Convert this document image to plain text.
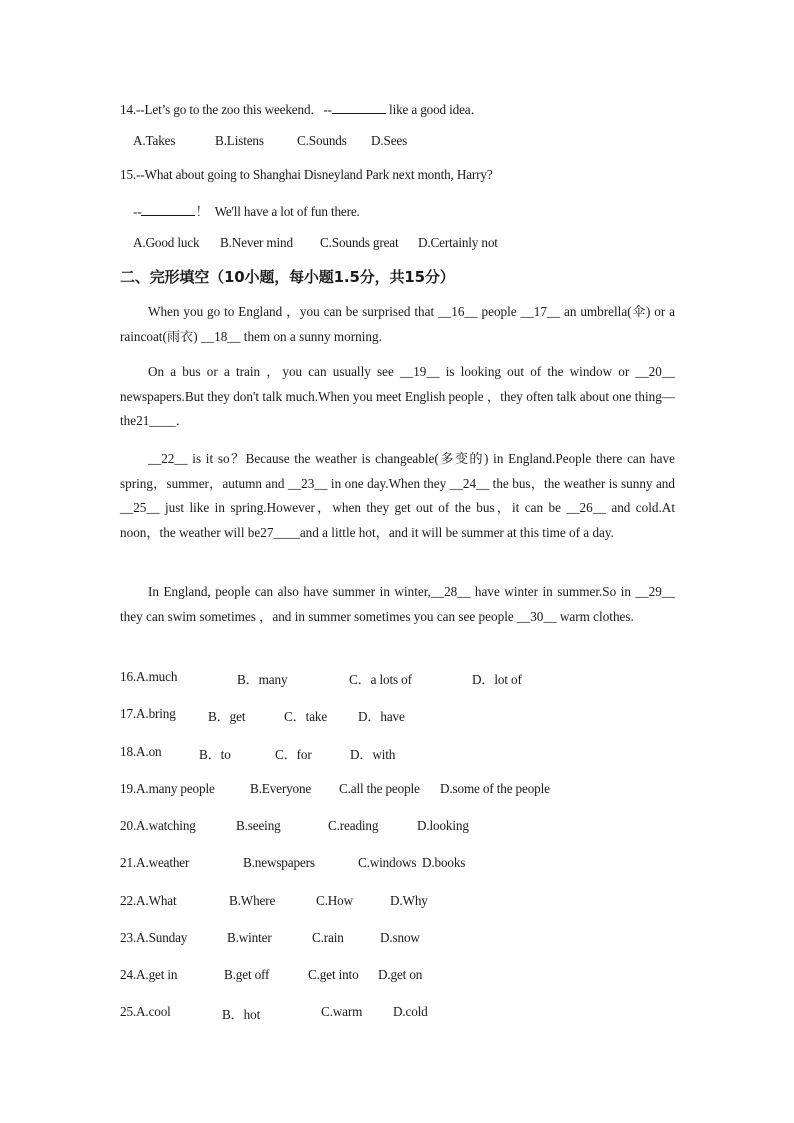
14.--Let’s go to the zoo this weekend．--	like a good idea．
A.Takes	B.Listens	C.Sounds D.Sees
15.--What about going to Shanghai Disneyland Park next month, Harry?
--	！  We'll have a lot of fun there.
A.Good luck B.Never mind C.Sounds great D.Certainly not
二、完形填空（10小题，每小题1.5分，共15分）
When you go to England ，you can be surprised that __16__ people __17__ an umbrella(伞) or a raincoat(雨衣) __18__ them on a sunny morning.
On a bus or a train ，you can usually see __19__ is looking out of the window or __20__ newspapers.But they don't talk much.When you meet English people ，they often talk about one thing—the21____．
__22__ is it so？Because the weather is changeable(多变的) in England.People there can have spring，summer，autumn and __23__ in one day.When they __24__ the bus，the weather is sunny and __25__ just like in spring.However，when they get out of the bus，it can be __26__ and cold.At noon，the weather will be27____and a little hot，and it will be summer at this time of a day.
In England, people can also have summer in winter,__28__ have winter in summer.So in __29__ they can swim sometimes ，and in summer sometimes you can see people __30__ warm clothes.
16.A.much	B．many	C．a lots of	D．lot of
17.A.bring B．get	C．take D．have
18.A.on	B．to	C．for	D．with
19.A.many people	B.Everyone C.all the people D.some of the people
20.A.watching	B.seeing	C.reading	D.looking
21.A.weather	B.newspapers	C.windows D.books
22.A.What	B.Where	C.How	D.Why
23.A.Sunday	B.winter	C.rain	D.snow
24.A.get in	B.get off	C.get into D.get on
25.A.cool	B．hot	C.warm D.cold
